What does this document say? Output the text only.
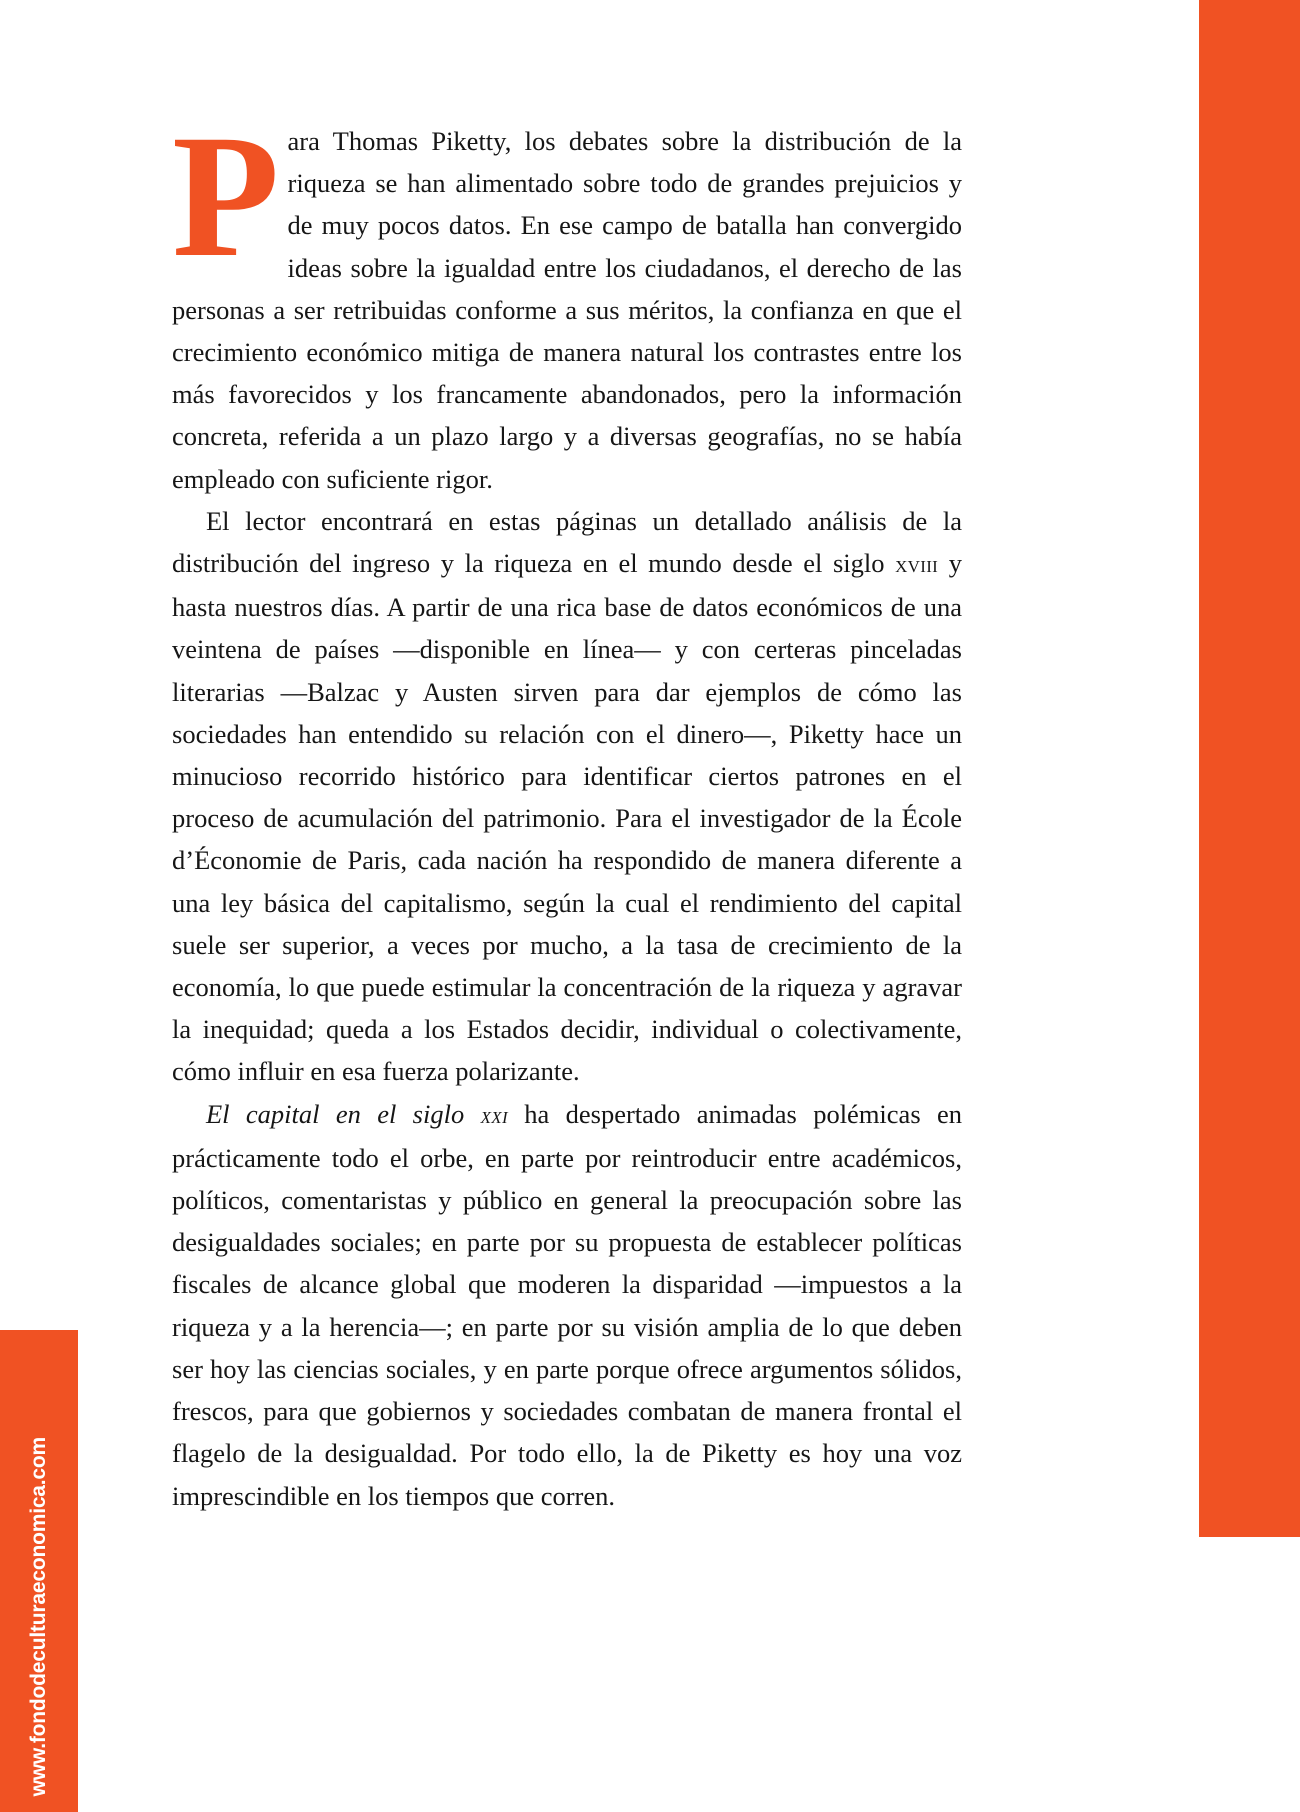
www.fondodeculturaeconomica.com

Para Thomas Piketty, los debates sobre la distribución de la riqueza se han alimentado sobre todo de grandes prejuicios y de muy pocos datos. En ese campo de batalla han convergido ideas sobre la igualdad entre los ciudadanos, el derecho de las personas a ser retribuidas conforme a sus méritos, la confianza en que el crecimiento económico mitiga de manera natural los contrastes entre los más favorecidos y los francamente abandonados, pero la información concreta, referida a un plazo largo y a diversas geografías, no se había empleado con suficiente rigor.

El lector encontrará en estas páginas un detallado análisis de la distribución del ingreso y la riqueza en el mundo desde el siglo xviii y hasta nuestros días. A partir de una rica base de datos económicos de una veintena de países —disponible en línea— y con certeras pinceladas literarias —Balzac y Austen sirven para dar ejemplos de cómo las sociedades han entendido su relación con el dinero—, Piketty hace un minucioso recorrido histórico para identificar ciertos patrones en el proceso de acumulación del patrimonio. Para el investigador de la École d’Économie de Paris, cada nación ha respondido de manera diferente a una ley básica del capitalismo, según la cual el rendimiento del capital suele ser superior, a veces por mucho, a la tasa de crecimiento de la economía, lo que puede estimular la concentración de la riqueza y agravar la inequidad; queda a los Estados decidir, individual o colectivamente, cómo influir en esa fuerza polarizante.

El capital en el siglo xxi ha despertado animadas polémicas en prácticamente todo el orbe, en parte por reintroducir entre académicos, políticos, comentaristas y público en general la preocupación sobre las desigualdades sociales; en parte por su propuesta de establecer políticas fiscales de alcance global que moderen la disparidad —impuestos a la riqueza y a la herencia—; en parte por su visión amplia de lo que deben ser hoy las ciencias sociales, y en parte porque ofrece argumentos sólidos, frescos, para que gobiernos y sociedades combatan de manera frontal el flagelo de la desigualdad. Por todo ello, la de Piketty es hoy una voz imprescindible en los tiempos que corren.
